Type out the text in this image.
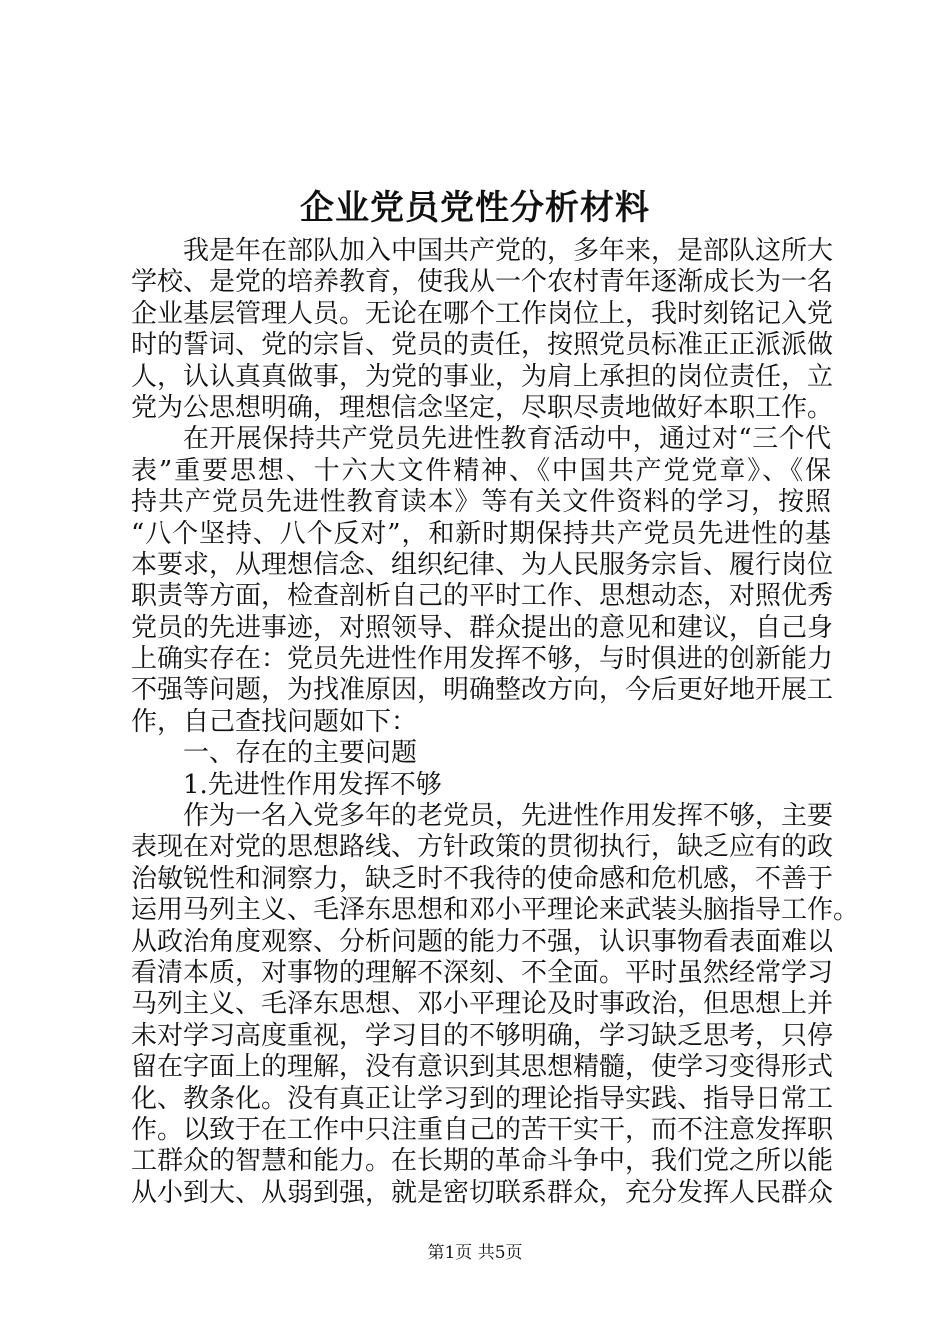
企业党员党性分析材料
我是年在部队加入中国共产党的，多年来，是部队这所大
学校、是党的培养教育，使我从一个农村青年逐渐成长为一名
企业基层管理人员。无论在哪个工作岗位上，我时刻铭记入党
时的誓词、党的宗旨、党员的责任，按照党员标准正正派派做
人，认认真真做事，为党的事业，为肩上承担的岗位责任，立
党为公思想明确，理想信念坚定，尽职尽责地做好本职工作。
在开展保持共产党员先进性教育活动中，通过对“三个代
表”重要思想、十六大文件精神、《中国共产党党章》、《保
持共产党员先进性教育读本》等有关文件资料的学习，按照
“八个坚持、八个反对”，和新时期保持共产党员先进性的基
本要求，从理想信念、组织纪律、为人民服务宗旨、履行岗位
职责等方面，检查剖析自己的平时工作、思想动态，对照优秀
党员的先进事迹，对照领导、群众提出的意见和建议，自己身
上确实存在：党员先进性作用发挥不够，与时俱进的创新能力
不强等问题，为找准原因，明确整改方向，今后更好地开展工
作，自己查找问题如下：
一、存在的主要问题
1.先进性作用发挥不够
作为一名入党多年的老党员，先进性作用发挥不够，主要
表现在对党的思想路线、方针政策的贯彻执行，缺乏应有的政
治敏锐性和洞察力，缺乏时不我待的使命感和危机感，不善于
运用马列主义、毛泽东思想和邓小平理论来武装头脑指导工作。
从政治角度观察、分析问题的能力不强，认识事物看表面难以
看清本质，对事物的理解不深刻、不全面。平时虽然经常学习
马列主义、毛泽东思想、邓小平理论及时事政治，但思想上并
未对学习高度重视，学习目的不够明确，学习缺乏思考，只停
留在字面上的理解，没有意识到其思想精髓，使学习变得形式
化、教条化。没有真正让学习到的理论指导实践、指导日常工
作。以致于在工作中只注重自己的苦干实干，而不注意发挥职
工群众的智慧和能力。在长期的革命斗争中，我们党之所以能
从小到大、从弱到强，就是密切联系群众，充分发挥人民群众
第1页 共5页
